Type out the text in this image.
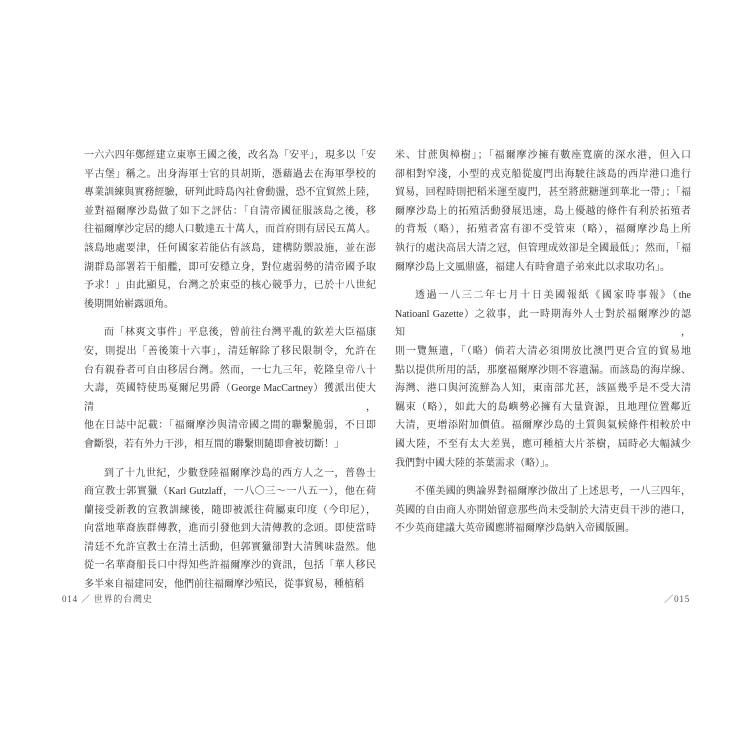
一六六四年鄭經建立東寧王國之後，改名為「安平」，現多以「安
平古堡」稱之。出身海軍士官的貝胡斯，憑藉過去在海軍學校的
專業訓練與實務經驗，研判此時島內社會動盪，恐不宜貿然上陸，
並對福爾摩沙島做了如下之評估：「自清帝國征服該島之後，移
往福爾摩沙定居的總人口數達五十萬人，而首府則有居民五萬人。
該島地處要津，任何國家若能佔有該島，建構防禦設施，並在澎
湖群島部署若干船艦，即可安穩立身，對位處弱勢的清帝國予取
予求！」由此顯見，台灣之於東亞的核心競爭力，已於十八世紀
後期開始嶄露頭角。
而「林爽文事件」平息後，曾前往台灣平亂的欽差大臣福康
安，則提出「善後策十六事」，清廷解除了移民限制令，允許在
台有親眷者可自由移居台灣。然而，一七九三年，乾隆皇帝八十
大壽，英國特使馬戛爾尼男爵（George MacCartney）獲派出使大清，
他在日誌中記載：「福爾摩沙與清帝國之間的聯繫脆弱，不日即
會斷裂，若有外力干涉，相互間的聯繫則隨即會被切斷！」
到了十九世紀，少數登陸福爾摩沙島的西方人之一，普魯士
商宣教士郭實獵（Karl Gutzlaff，一八〇三～一八五一），他在荷
蘭接受新教的宣教訓練後，隨即被派往荷屬東印度（今印尼），
向當地華裔族群傳教，進而引發他到大清傳教的念頭。即使當時
清廷不允許宣教士在清土活動，但郭實獵卻對大清興味盎然。他
從一名華裔船長口中得知些許福爾摩沙的資訊，包括「華人移民
多半來自福建同安，他們前往福爾摩沙殖民，從事貿易，種植稻
米、甘蔗與樟樹」；「福爾摩沙擁有數座寬廣的深水港，但入口
卻相對窄淺，小型的戎克船從廈門出海駛往該島的西岸港口進行
貿易，回程時則把稻米運至廈門，甚至將蔗糖運到華北一帶」；「福
爾摩沙島上的拓殖活動發展迅速，島上優越的條件有利於拓殖者
的背叛（略），拓殖者富有卻不受管束（略），福爾摩沙島上所
執行的處決高居大清之冠，但管理成效卻是全國最低」；然而，「福
爾摩沙島上文風鼎盛，福建人有時會遣子弟來此以求取功名」。
透過一八三二年七月十日美國報紙《國家時事報》（the
Natioanl Gazette）之敘事，此一時期海外人士對於福爾摩沙的認知，
則一覽無遺，「（略）倘若大清必須開放比澳門更合宜的貿易地
點以提供所用的話，那麼福爾摩沙則不容遺漏。而該島的海岸線、
海灣、港口與河流鮮為人知，東南部尤甚，該區幾乎是不受大清
羈束（略），如此大的島嶼勢必擁有大量資源，且地理位置鄰近
大清，更增添附加價值。福爾摩沙島的土質與氣候條件相較於中
國大陸，不至有太大差異，應可種植大片茶樹，屆時必大幅減少
我們對中國大陸的茶葉需求（略）」。
不僅美國的輿論界對福爾摩沙做出了上述思考，一八三四年，
英國的自由商人亦開始留意那些尚未受制於大清吏員干涉的港口，
不少英商建議大英帝國應將福爾摩沙島納入帝國版圖。
014 ／ 世界的台灣史	／015
